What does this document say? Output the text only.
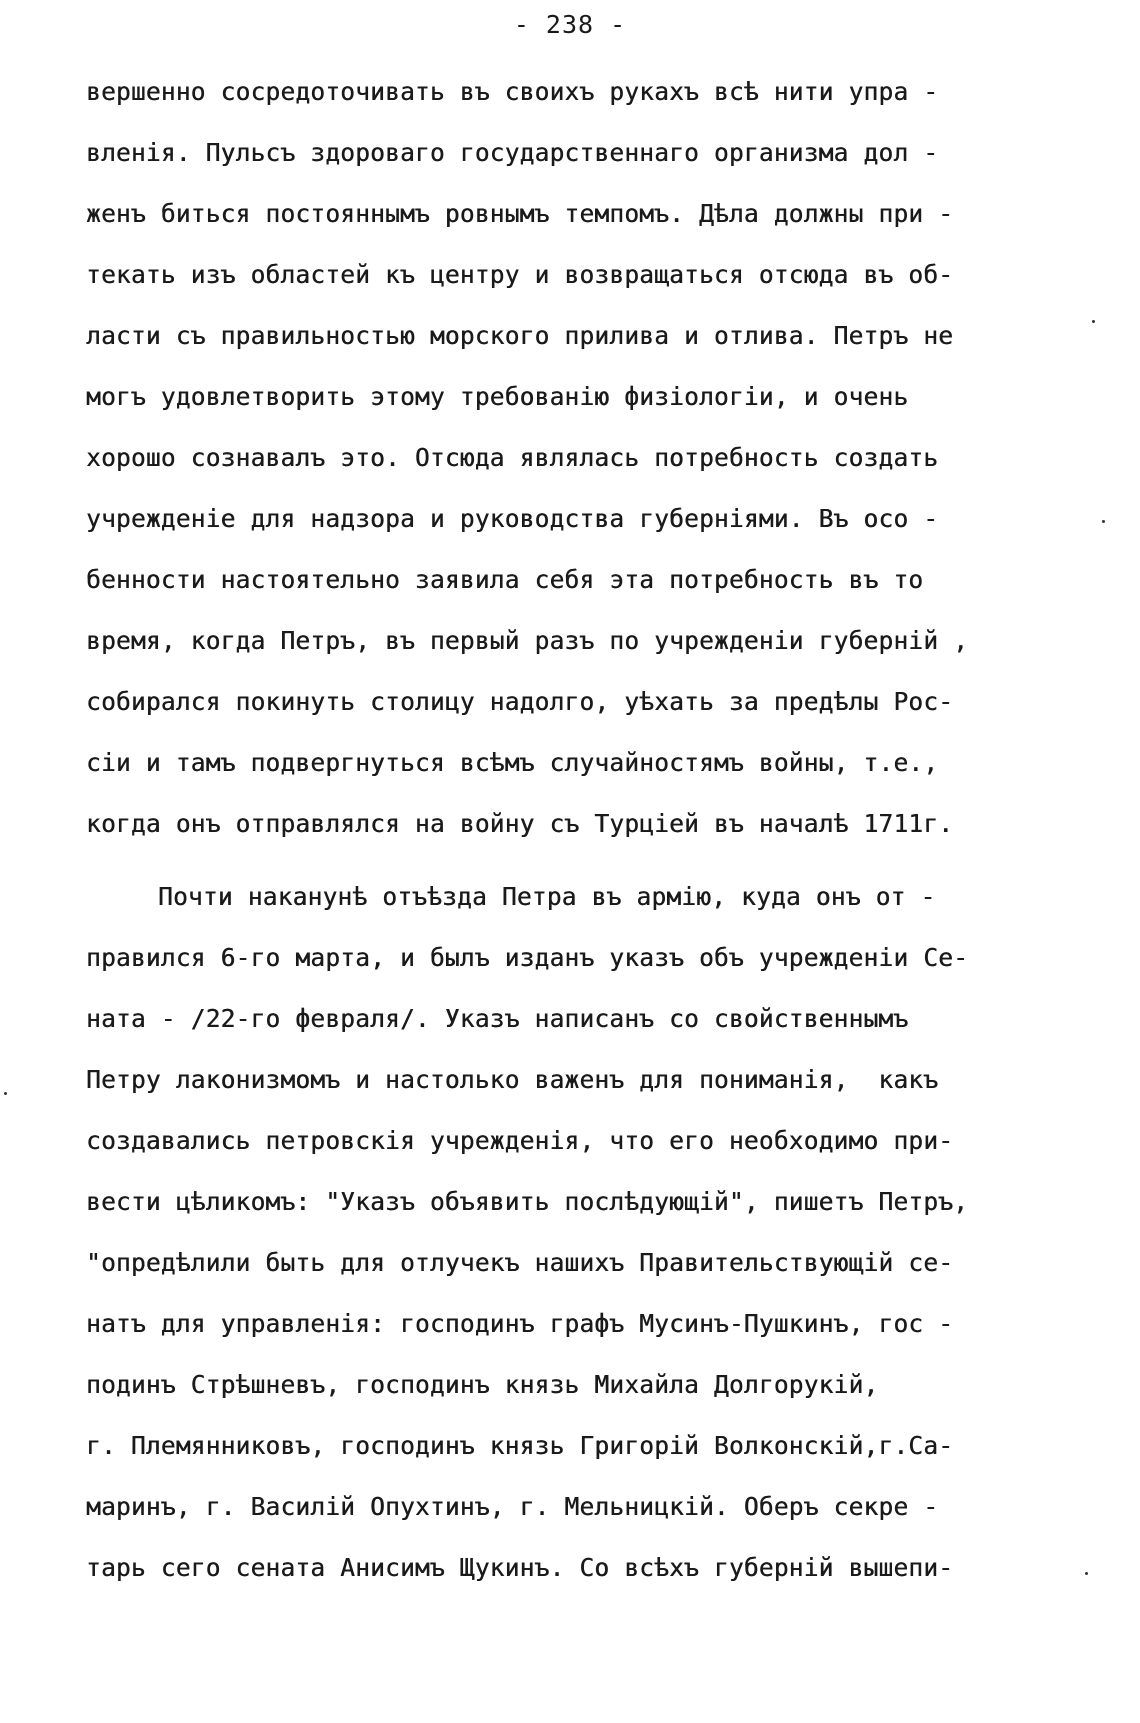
- 238 -
вершенно сосредоточивать въ своихъ рукахъ всѣ нити упра -
вленія. Пульсъ здороваго государственнаго организма дол -
женъ биться постояннымъ ровнымъ темпомъ. Дѣла должны при -
текать изъ областей къ центру и возвращаться отсюда въ об-
ласти съ правильностью морского прилива и отлива. Петръ не
могъ удовлетворить этому требованію физіологіи, и очень
хорошо сознавалъ это. Отсюда являлась потребность создать
учрежденіе для надзора и руководства губерніями. Въ осо -
бенности настоятельно заявила себя эта потребность въ то
время, когда Петръ, въ первый разъ по учрежденіи губерній ,
собирался покинуть столицу надолго, уѣхать за предѣлы Рос-
сіи и тамъ подвергнуться всѣмъ случайностямъ войны, т.е.,
когда онъ отправлялся на войну съ Турціей въ началѣ 1711г.
Почти наканунѣ отъѣзда Петра въ армію, куда онъ от -
правился 6-го марта, и былъ изданъ указъ объ учрежденіи Се-
ната - /22-го февраля/. Указъ написанъ со свойственнымъ
Петру лаконизмомъ и настолько важенъ для пониманія,  какъ
создавались петровскія учрежденія, что его необходимо при-
вести цѣликомъ: "Указъ объявить послѣдующій", пишетъ Петръ,
"опредѣлили быть для отлучекъ нашихъ Правительствующій се-
натъ для управленія: господинъ графъ Мусинъ-Пушкинъ, гос -
подинъ Стрѣшневъ, господинъ князь Михайла Долгорукій,
г. Племянниковъ, господинъ князь Григорій Волконскій,г.Са-
маринъ, г. Василій Опухтинъ, г. Мельницкій. Оберъ секре -
тарь сего сената Анисимъ Щукинъ. Со всѣхъ губерній вышепи-
